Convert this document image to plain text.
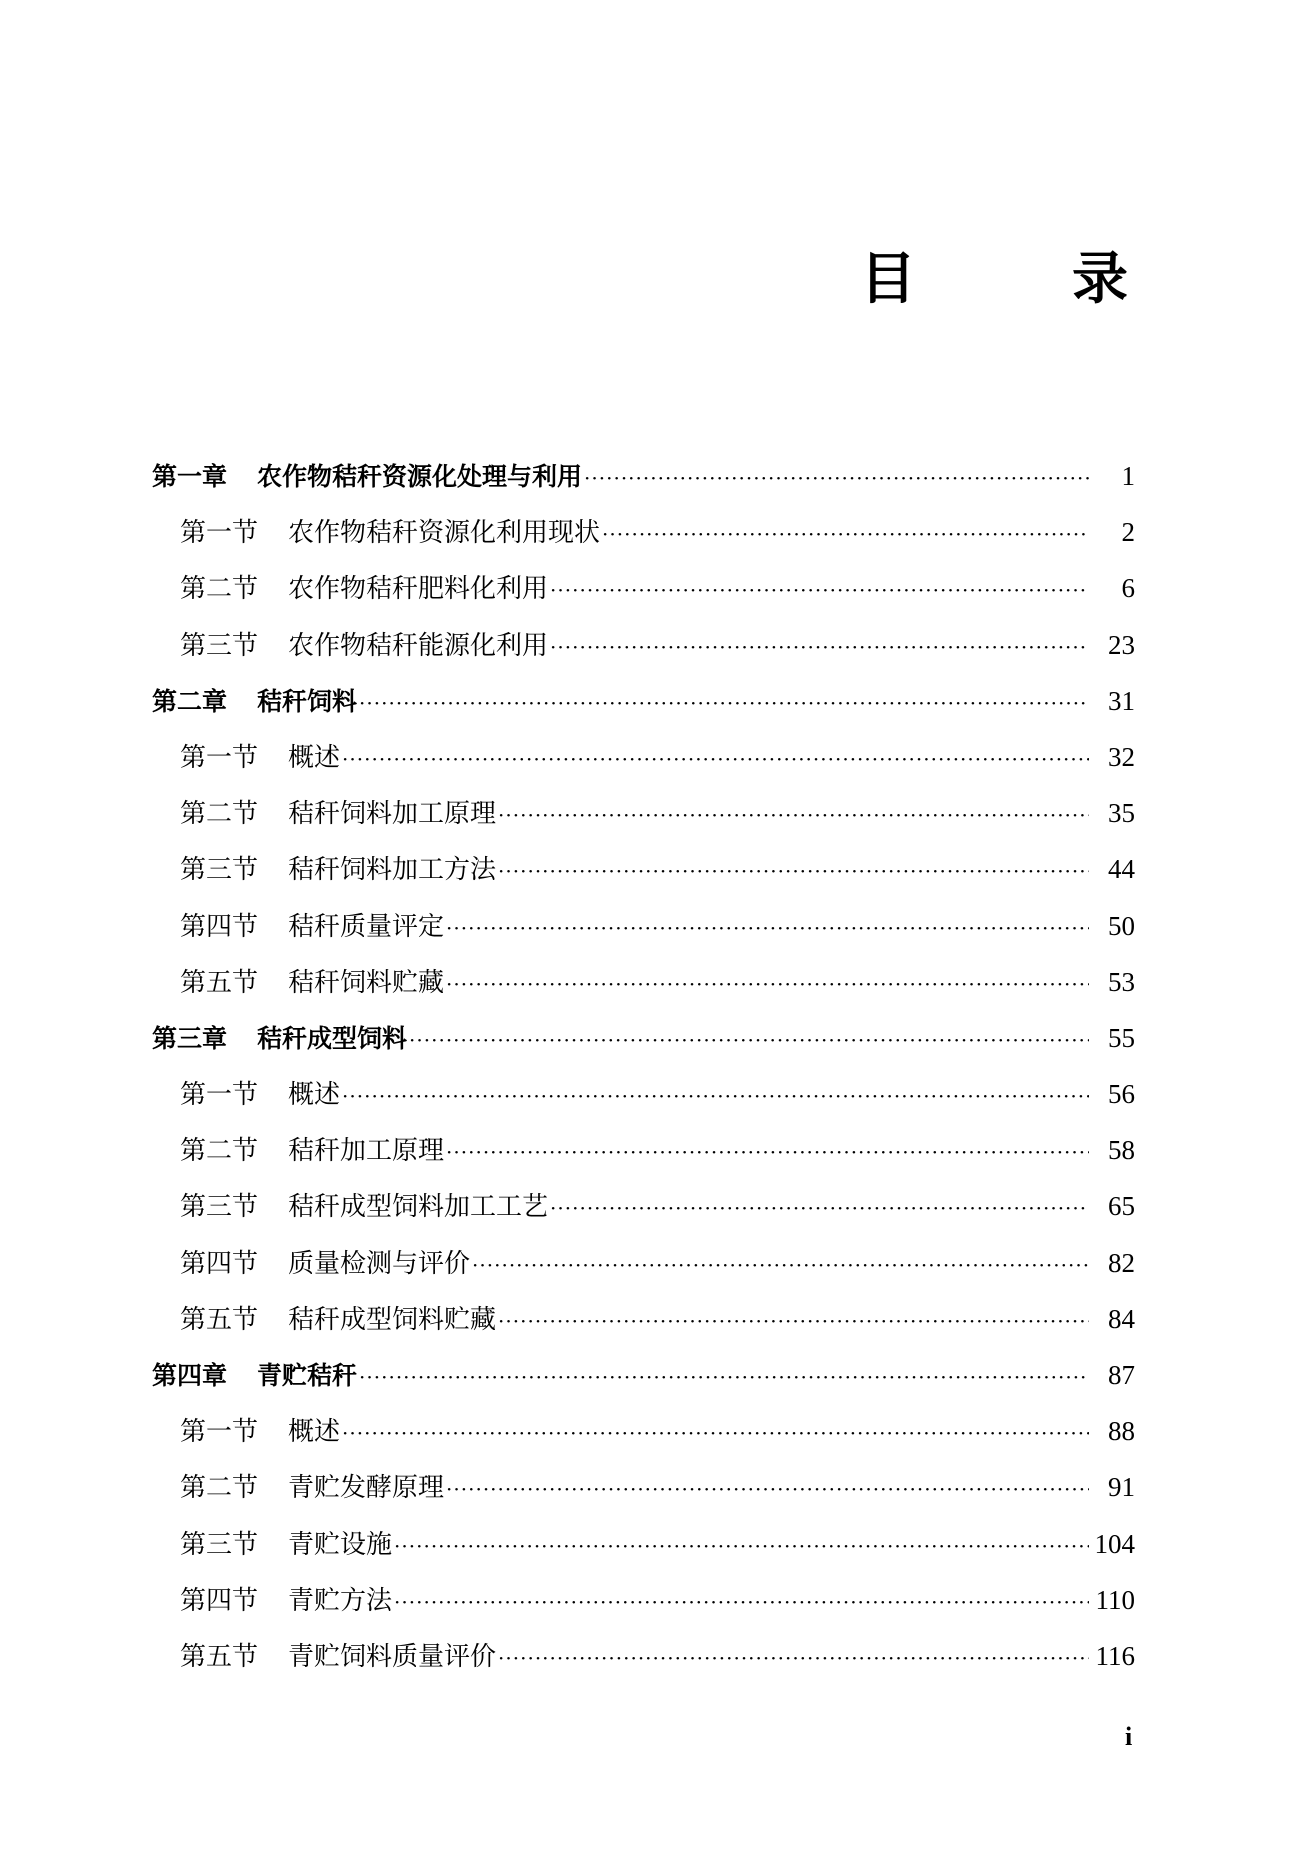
目　录
第一章 农作物秸秆资源化处理与利用 ·····	1
第一节 农作物秸秆资源化利用现状 ·····	2
第二节 农作物秸秆肥料化利用 ·····	6
第三节 农作物秸秆能源化利用 ·····	23
第二章 秸秆饲料 ·····	31
第一节 概述 ·····	32
第二节 秸秆饲料加工原理 ·····	35
第三节 秸秆饲料加工方法 ·····	44
第四节 秸秆质量评定 ·····	50
第五节 秸秆饲料贮藏 ·····	53
第三章 秸秆成型饲料 ·····	55
第一节 概述 ·····	56
第二节 秸秆加工原理 ·····	58
第三节 秸秆成型饲料加工工艺 ·····	65
第四节 质量检测与评价 ·····	82
第五节 秸秆成型饲料贮藏 ·····	84
第四章 青贮秸秆 ·····	87
第一节 概述 ·····	88
第二节 青贮发酵原理 ·····	91
第三节 青贮设施 ·····	104
第四节 青贮方法 ·····	110
第五节 青贮饲料质量评价 ·····	116
i
